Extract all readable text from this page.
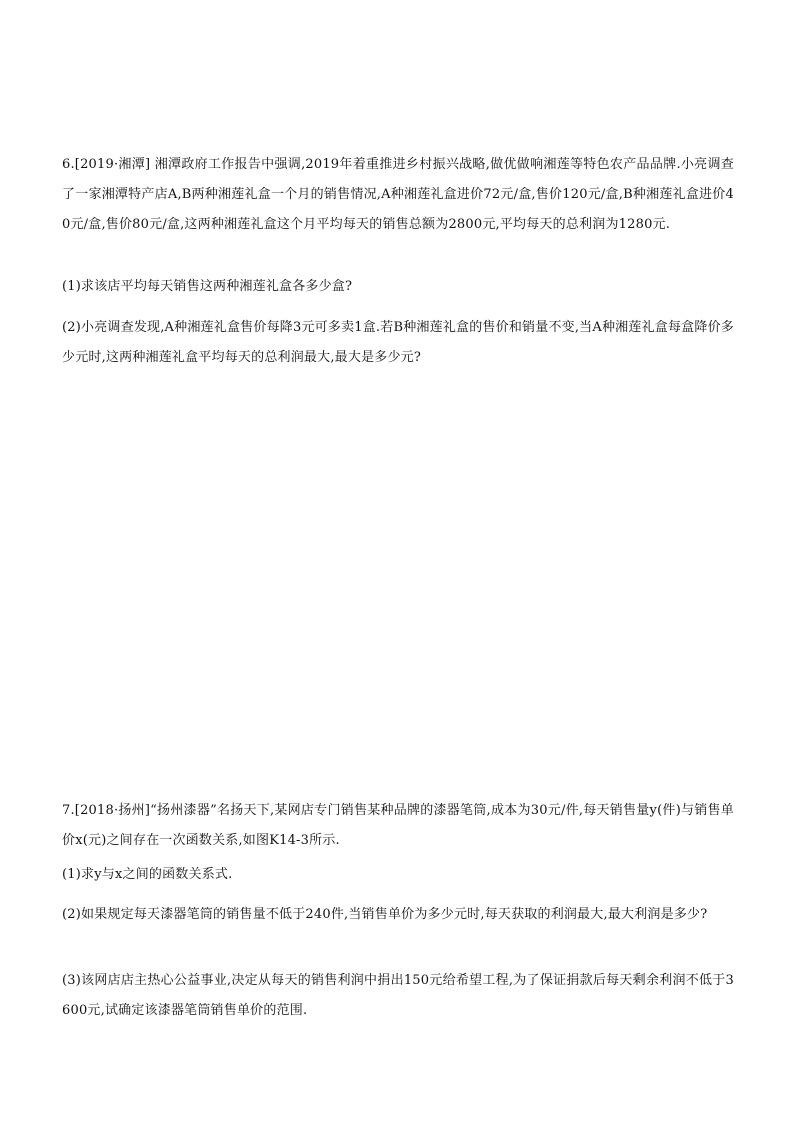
6.[2019·湘潭] 湘潭政府工作报告中强调,2019年着重推进乡村振兴战略,做优做响湘莲等特色农产品品牌.小亮调查了一家湘潭特产店A,B两种湘莲礼盒一个月的销售情况,A种湘莲礼盒进价72元/盒,售价120元/盒,B种湘莲礼盒进价40元/盒,售价80元/盒,这两种湘莲礼盒这个月平均每天的销售总额为2800元,平均每天的总利润为1280元.
(1)求该店平均每天销售这两种湘莲礼盒各多少盒?
(2)小亮调查发现,A种湘莲礼盒售价每降3元可多卖1盒.若B种湘莲礼盒的售价和销量不变,当A种湘莲礼盒每盒降价多少元时,这两种湘莲礼盒平均每天的总利润最大,最大是多少元?
7.[2018·扬州]“扬州漆器”名扬天下,某网店专门销售某种品牌的漆器笔筒,成本为30元/件,每天销售量y(件)与销售单价x(元)之间存在一次函数关系,如图K14-3所示.
(1)求y与x之间的函数关系式.
(2)如果规定每天漆器笔筒的销售量不低于240件,当销售单价为多少元时,每天获取的利润最大,最大利润是多少?
(3)该网店店主热心公益事业,决定从每天的销售利润中捐出150元给希望工程,为了保证捐款后每天剩余利润不低于3600元,试确定该漆器笔筒销售单价的范围.
